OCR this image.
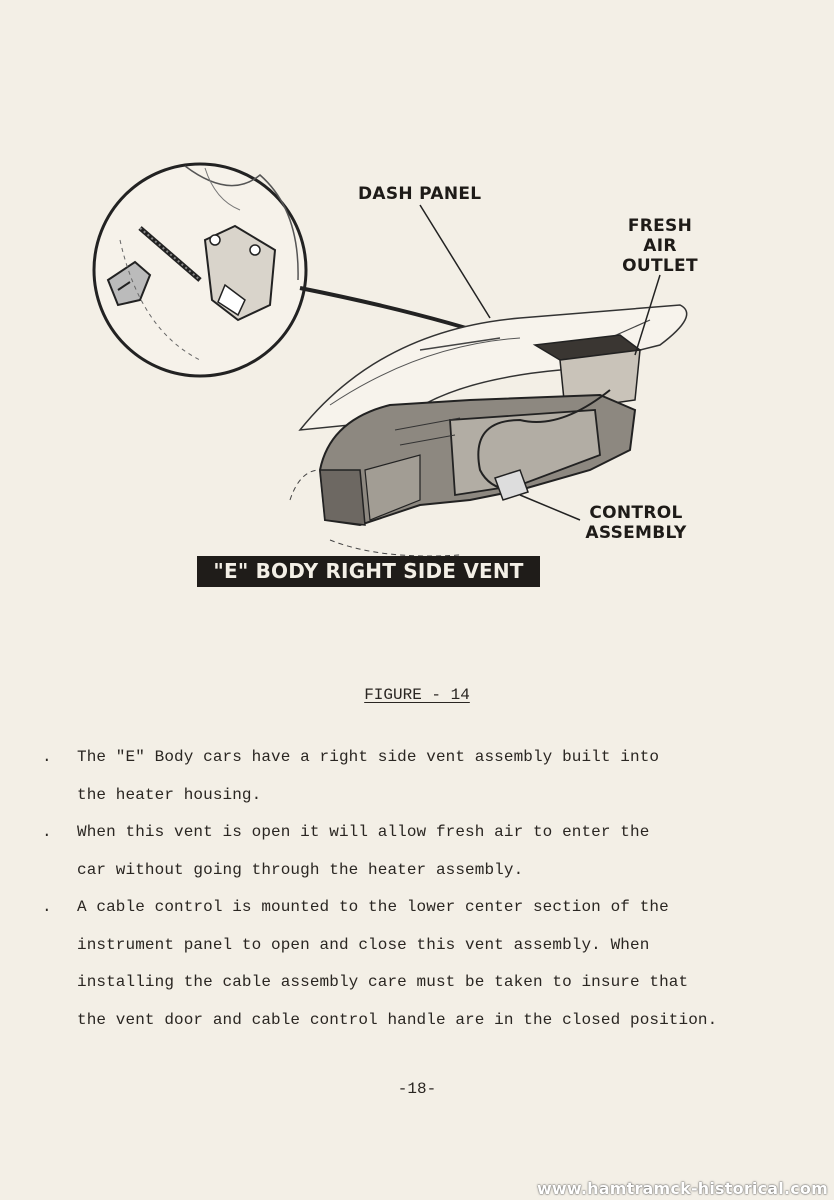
DASH PANEL
FRESH
AIR
OUTLET
CONTROL
ASSEMBLY
"E" BODY RIGHT SIDE VENT
FIGURE - 14
. The "E" Body cars have a right side vent assembly built into
the heater housing.
. When this vent is open it will allow fresh air to enter the
car without going through the heater assembly.
. A cable control is mounted to the lower center section of the
instrument panel to open and close this vent assembly. When
installing the cable assembly care must be taken to insure that
the vent door and cable control handle are in the closed position.
-18-
www.hamtramck-historical.com
